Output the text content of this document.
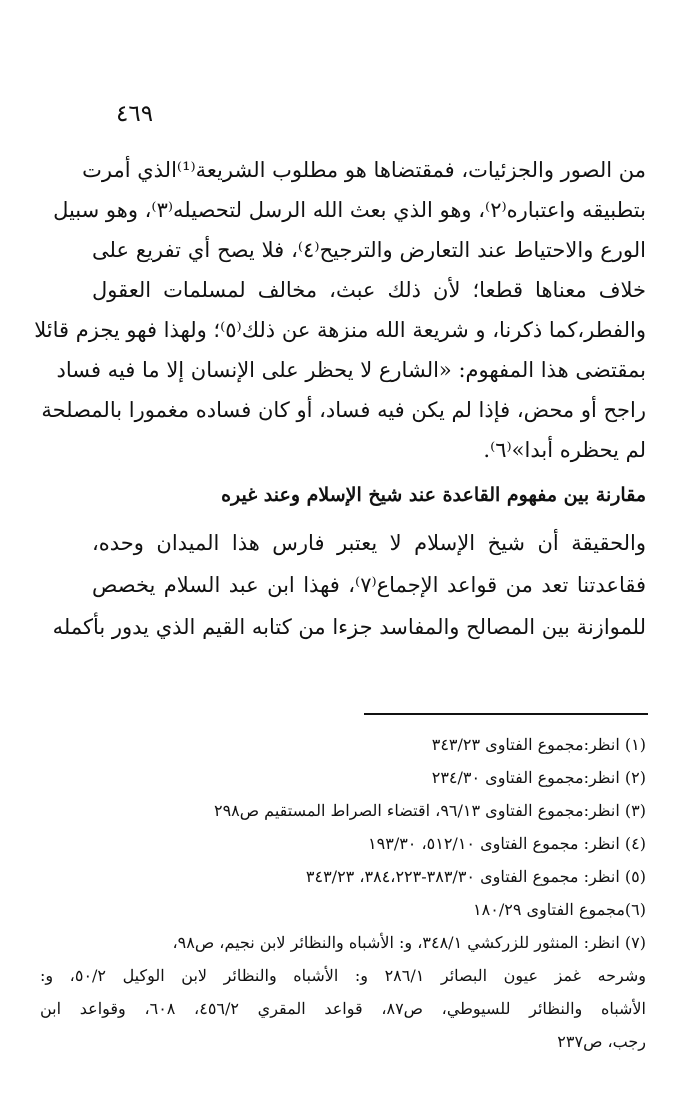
٤٦٩
من الصور والجزئيات، فمقتضاها هو مطلوب الشريعة⁽¹⁾الذي أمرت
بتطبيقه واعتباره⁽٢⁾، وهو الذي بعث الله الرسل لتحصيله⁽٣⁾، وهو سبيل
الورع والاحتياط عند التعارض والترجيح⁽٤⁾، فلا يصح أي تفريع على
خلاف معناها قطعا؛ لأن ذلك عبث، مخالف لمسلمات العقول
والفطر،كما ذكرنا، و شريعة الله منزهة عن ذلك⁽٥⁾؛ ولهذا فهو يجزم قائلا
بمقتضى هذا المفهوم: «الشارع لا يحظر على الإنسان إلا ما فيه فساد
راجح أو محض، فإذا لم يكن فيه فساد، أو كان فساده مغمورا بالمصلحة
لم يحظره أبدا»⁽٦⁾.
مقارنة بين مفهوم القاعدة عند شيخ الإسلام وعند غيره
والحقيقة أن شيخ الإسلام لا يعتبر فارس هذا الميدان وحده،
فقاعدتنا تعد من قواعد الإجماع⁽٧⁾، فهذا ابن عبد السلام يخصص
للموازنة بين المصالح والمفاسد جزءا من كتابه القيم الذي يدور بأكمله
(١) انظر:مجموع الفتاوى ٣٤٣/٢٣
(٢) انظر:مجموع الفتاوى ٢٣٤/٣٠
(٣) انظر:مجموع الفتاوى ٩٦/١٣، اقتضاء الصراط المستقيم ص٢٩٨
(٤) انظر: مجموع الفتاوى ٥١٢/١٠، ١٩٣/٣٠
(٥) انظر: مجموع الفتاوى ٣٨٣/٣٠-٣٨٤،٢٢٣، ٣٤٣/٢٣
(٦)مجموع الفتاوى ١٨٠/٢٩
(٧) انظر: المنثور للزركشي ٣٤٨/١، و: الأشباه والنظائر لابن نجيم، ص٩٨،
وشرحه غمز عيون البصائر ٢٨٦/١ و: الأشباه والنظائر لابن الوكيل ٥٠/٢، و:
الأشباه والنظائر للسيوطي، ص٨٧، قواعد المقري ٤٥٦/٢، ٦٠٨، وقواعد ابن
رجب، ص٢٣٧
